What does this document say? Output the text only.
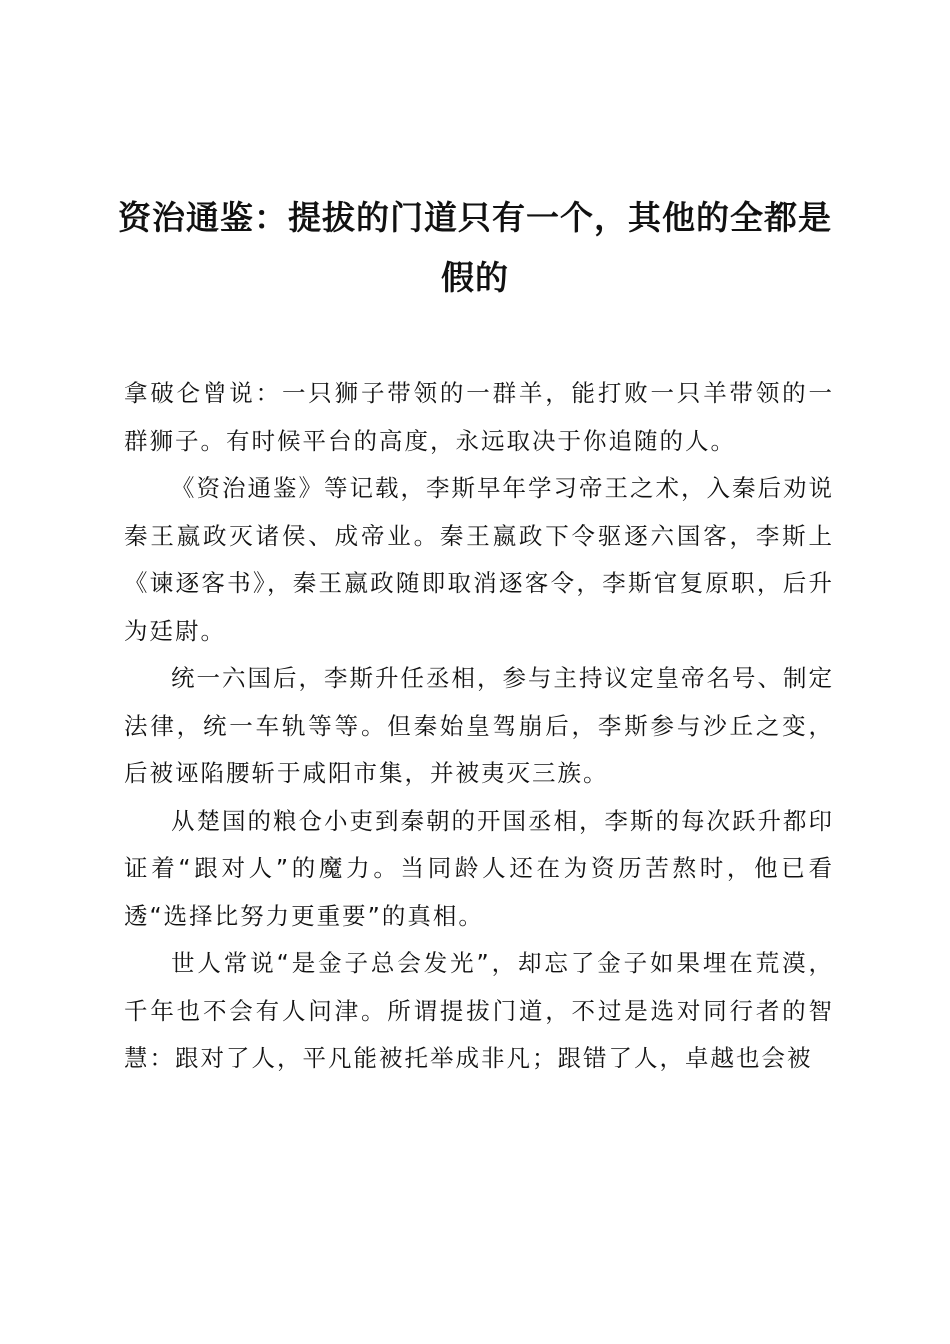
资治通鉴：提拔的门道只有一个，其他的全都是假的

拿破仑曾说：一只狮子带领的一群羊，能打败一只羊带领的一群狮子。有时候平台的高度，永远取决于你追随的人。

《资治通鉴》等记载，李斯早年学习帝王之术，入秦后劝说秦王嬴政灭诸侯、成帝业。秦王嬴政下令驱逐六国客，李斯上《谏逐客书》，秦王嬴政随即取消逐客令，李斯官复原职，后升为廷尉。

统一六国后，李斯升任丞相，参与主持议定皇帝名号、制定法律，统一车轨等等。但秦始皇驾崩后，李斯参与沙丘之变，后被诬陷腰斩于咸阳市集，并被夷灭三族。

从楚国的粮仓小吏到秦朝的开国丞相，李斯的每次跃升都印证着“跟对人”的魔力。当同龄人还在为资历苦熬时，他已看透“选择比努力更重要”的真相。

世人常说“是金子总会发光”，却忘了金子如果埋在荒漠，千年也不会有人问津。所谓提拔门道，不过是选对同行者的智慧：跟对了人，平凡能被托举成非凡；跟错了人，卓越也会被
